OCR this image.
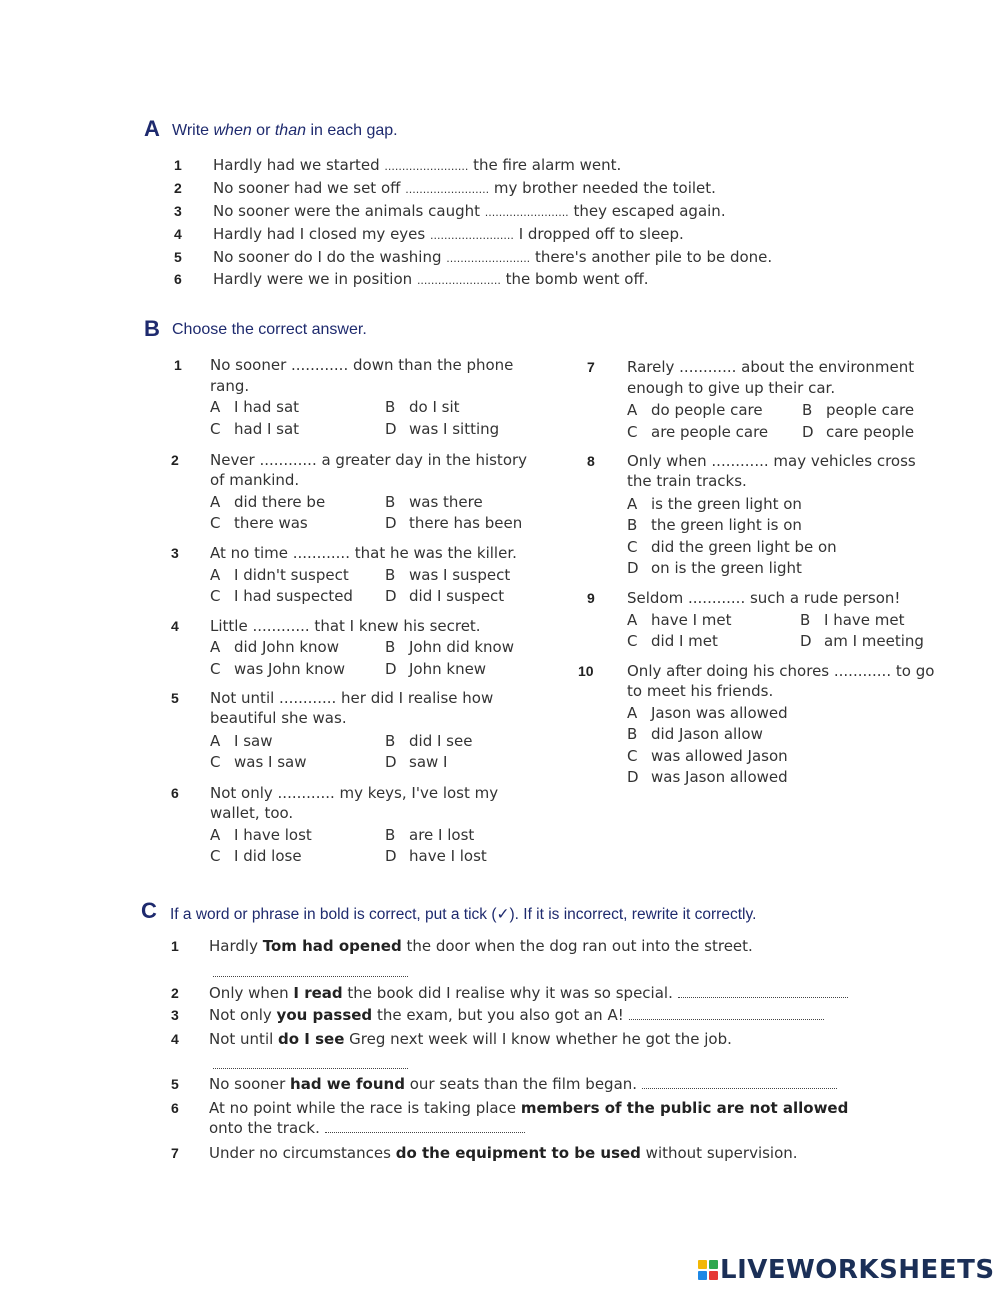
A Write when or than in each gap.
1 Hardly had we started ........................ the fire alarm went.
2 No sooner had we set off ........................ my brother needed the toilet.
3 No sooner were the animals caught ........................ they escaped again.
4 Hardly had I closed my eyes ........................ I dropped off to sleep.
5 No sooner do I do the washing ........................ there's another pile to be done.
6 Hardly were we in position ........................ the bomb went off.
B Choose the correct answer.
1 No sooner ............ down than the phone
rang.
A I had sat	B do I sit
C had I sat	D was I sitting
2 Never ............ a greater day in the history
of mankind.
A did there be	B was there
C there was	D there has been
3 At no time ............ that he was the killer.
A I didn't suspect B was I suspect
C I had suspected D did I suspect
4 Little ............ that I knew his secret.
A did John know	B John did know
C was John know	D John knew
5 Not until ............ her did I realise how
beautiful she was.
A I saw	B did I see
C was I saw	D saw I
6 Not only ............ my keys, I've lost my
wallet, too.
A I have lost	B are I lost
C I did lose	D have I lost
7 Rarely ............ about the environment
enough to give up their car.
A do people care	B people care
C are people care D care people
8 Only when ............ may vehicles cross
the train tracks.
A is the green light on
B the green light is on
C did the green light be on
D on is the green light
9 Seldom ............ such a rude person!
A have I met	B I have met
C did I met	D am I meeting
10 Only after doing his chores ............ to go
to meet his friends.
A Jason was allowed
B did Jason allow
C was allowed Jason
D was Jason allowed
C If a word or phrase in bold is correct, put a tick (✓). If it is incorrect, rewrite it correctly.
1 Hardly Tom had opened the door when the dog ran out into the street.
2 Only when I read the book did I realise why it was so special.
3 Not only you passed the exam, but you also got an A!
4 Not until do I see Greg next week will I know whether he got the job.
5 No sooner had we found our seats than the film began.
6 At no point while the race is taking place members of the public are not allowed
onto the track.
7 Under no circumstances do the equipment to be used without supervision.
LIVEWORKSHEETS
